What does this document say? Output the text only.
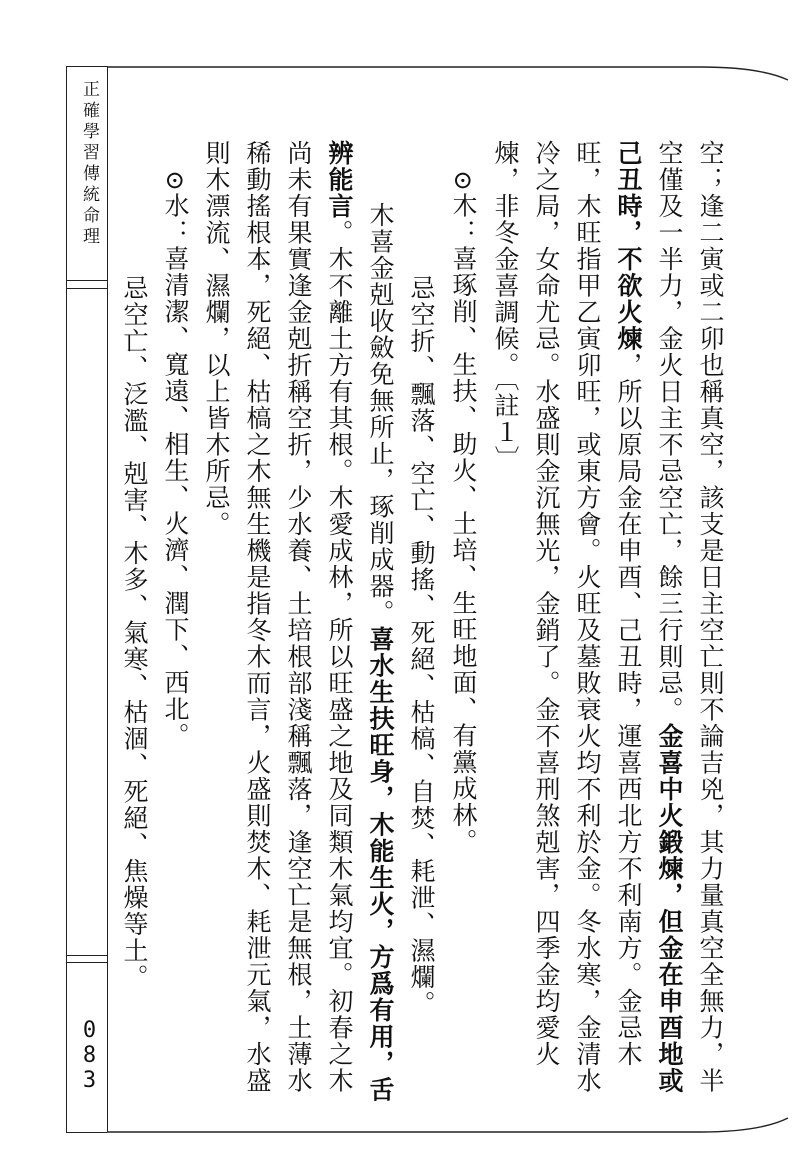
正確學習傳統命理
083	空；逢二寅或二卯也稱真空，該支是日主空亡則不論吉兇，其力量真空全無力，半
空僅及一半力，金火日主不忌空亡，餘三行則忌。金喜中火鍛煉，但金在申酉地或
己丑時，不欲火煉，所以原局金在申酉、己丑時，運喜西北方不利南方。金忌木
旺，木旺指甲乙寅卯旺，或東方會。火旺及墓敗衰火均不利於金。冬水寒，金清水
冷之局，女命尤忌。水盛則金沉無光，金銷了。金不喜刑煞剋害，四季金均愛火
煉，非冬金喜調候。〔註１〕
⊙木：喜琢削、生扶、助火、土培、生旺地面、有黨成林。
忌空折、飄落、空亡、動搖、死絕、枯槁、自焚、耗泄、濕爛。
木喜金剋收斂免無所止，琢削成器。喜水生扶旺身，木能生火，方爲有用，舌
辨能言。木不離土方有其根。木愛成林，所以旺盛之地及同類木氣均宜。初春之木
尚未有果實逢金剋折稱空折，少水養、土培根部淺稱飄落，逢空亡是無根，土薄水
稀動搖根本，死絕、枯槁之木無生機是指冬木而言，火盛則焚木、耗泄元氣，水盛
則木漂流、濕爛，以上皆木所忌。
⊙水：喜清潔、寬遠、相生、火濟、潤下、西北。
忌空亡、泛濫、剋害、木多、氣寒、枯涸、死絕、焦燥等土。
